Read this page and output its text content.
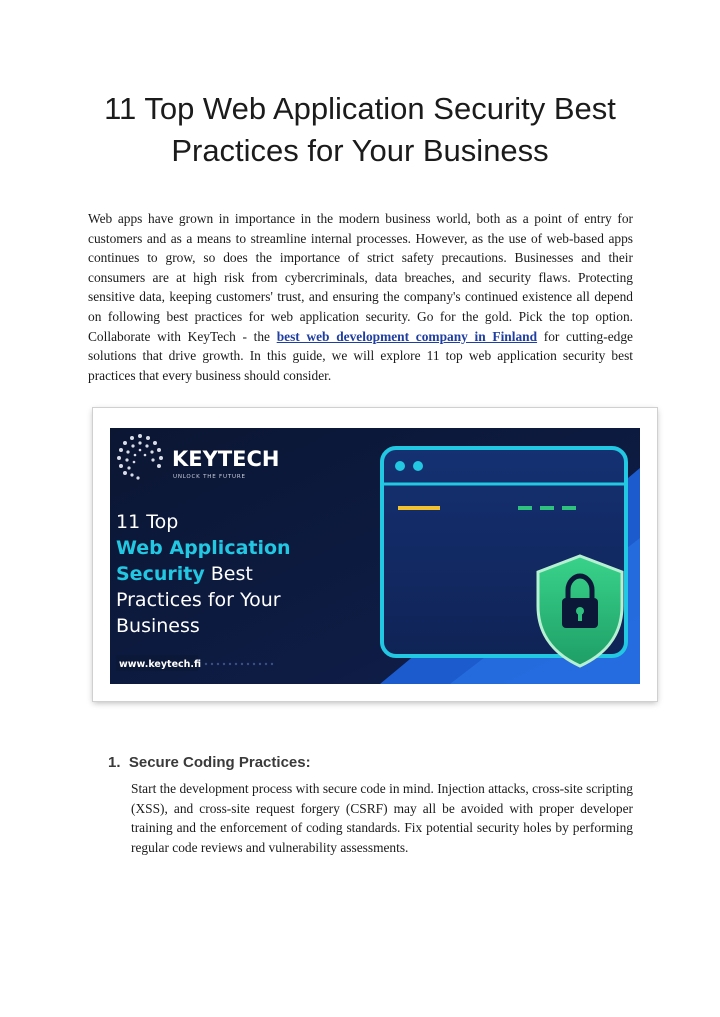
11 Top Web Application Security Best Practices for Your Business

Web apps have grown in importance in the modern business world, both as a point of entry for customers and as a means to streamline internal processes. However, as the use of web-based apps continues to grow, so does the importance of strict safety precautions. Businesses and their consumers are at high risk from cybercriminals, data breaches, and security flaws. Protecting sensitive data, keeping customers' trust, and ensuring the company's continued existence all depend on following best practices for web application security. Go for the gold. Pick the top option. Collaborate with KeyTech - the best web development company in Finland for cutting-edge solutions that drive growth. In this guide, we will explore 11 top web application security best practices that every business should consider.

KEYTECH
UNLOCK THE FUTURE
11 Top
Web Application
Security Best
Practices for Your
Business
www.keytech.fi
1. Secure Coding Practices:

Start the development process with secure code in mind. Injection attacks, cross-site scripting (XSS), and cross-site request forgery (CSRF) may all be avoided with proper developer training and the enforcement of coding standards. Fix potential security holes by performing regular code reviews and vulnerability assessments.
